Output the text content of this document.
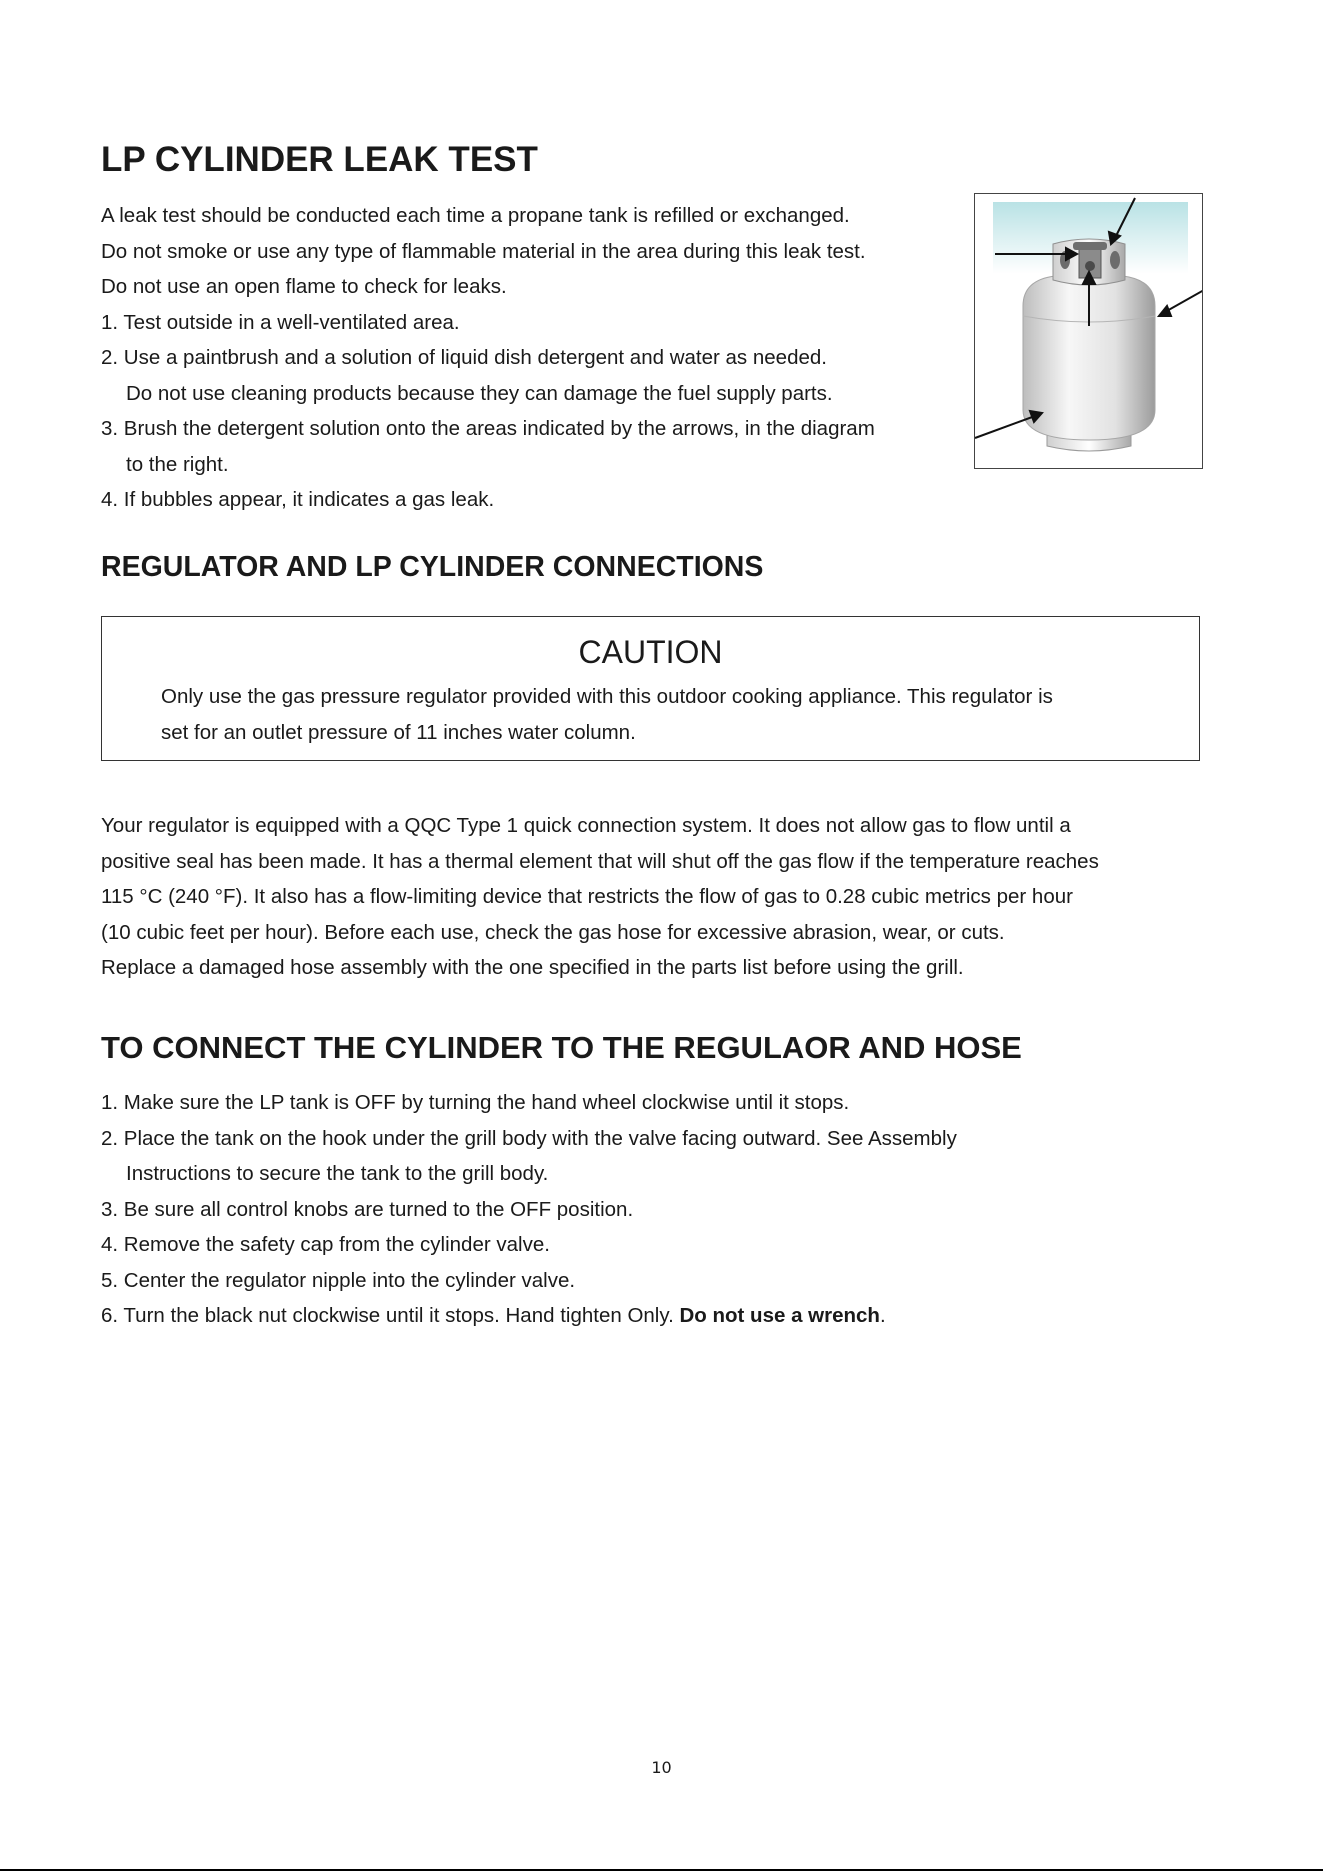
LP CYLINDER LEAK TEST
A leak test should be conducted each time a propane tank is refilled or exchanged.
Do not smoke or use any type of flammable material in the area during this leak test.
Do not use an open flame to check for leaks.
1. Test outside in a well-ventilated area.
2. Use a paintbrush and a solution of liquid dish detergent and water as needed.
Do not use cleaning products because they can damage the fuel supply parts.
3. Brush the detergent solution onto the areas indicated by the arrows, in the diagram
to the right.
4. If bubbles appear, it indicates a gas leak.
REGULATOR AND LP CYLINDER CONNECTIONS
CAUTION
Only use the gas pressure regulator provided with this outdoor cooking appliance. This regulator is
set for an outlet pressure of 11 inches water column.

Your regulator is equipped with a QQC Type 1 quick connection system. It does not allow gas to flow until a
positive seal has been made. It has a thermal element that will shut off the gas flow if the temperature reaches
115 °C (240 °F). It also has a flow-limiting device that restricts the flow of gas to 0.28 cubic metrics per hour
(10 cubic feet per hour). Before each use, check the gas hose for excessive abrasion, wear, or cuts.
Replace a damaged hose assembly with the one specified in the parts list before using the grill.

TO CONNECT THE CYLINDER TO THE REGULAOR AND HOSE
1. Make sure the LP tank is OFF by turning the hand wheel clockwise until it stops.
2. Place the tank on the hook under the grill body with the valve facing outward. See Assembly
Instructions to secure the tank to the grill body.
3. Be sure all control knobs are turned to the OFF position.
4. Remove the safety cap from the cylinder valve.
5. Center the regulator nipple into the cylinder valve.
6. Turn the black nut clockwise until it stops. Hand tighten Only. Do not use a wrench.
10
